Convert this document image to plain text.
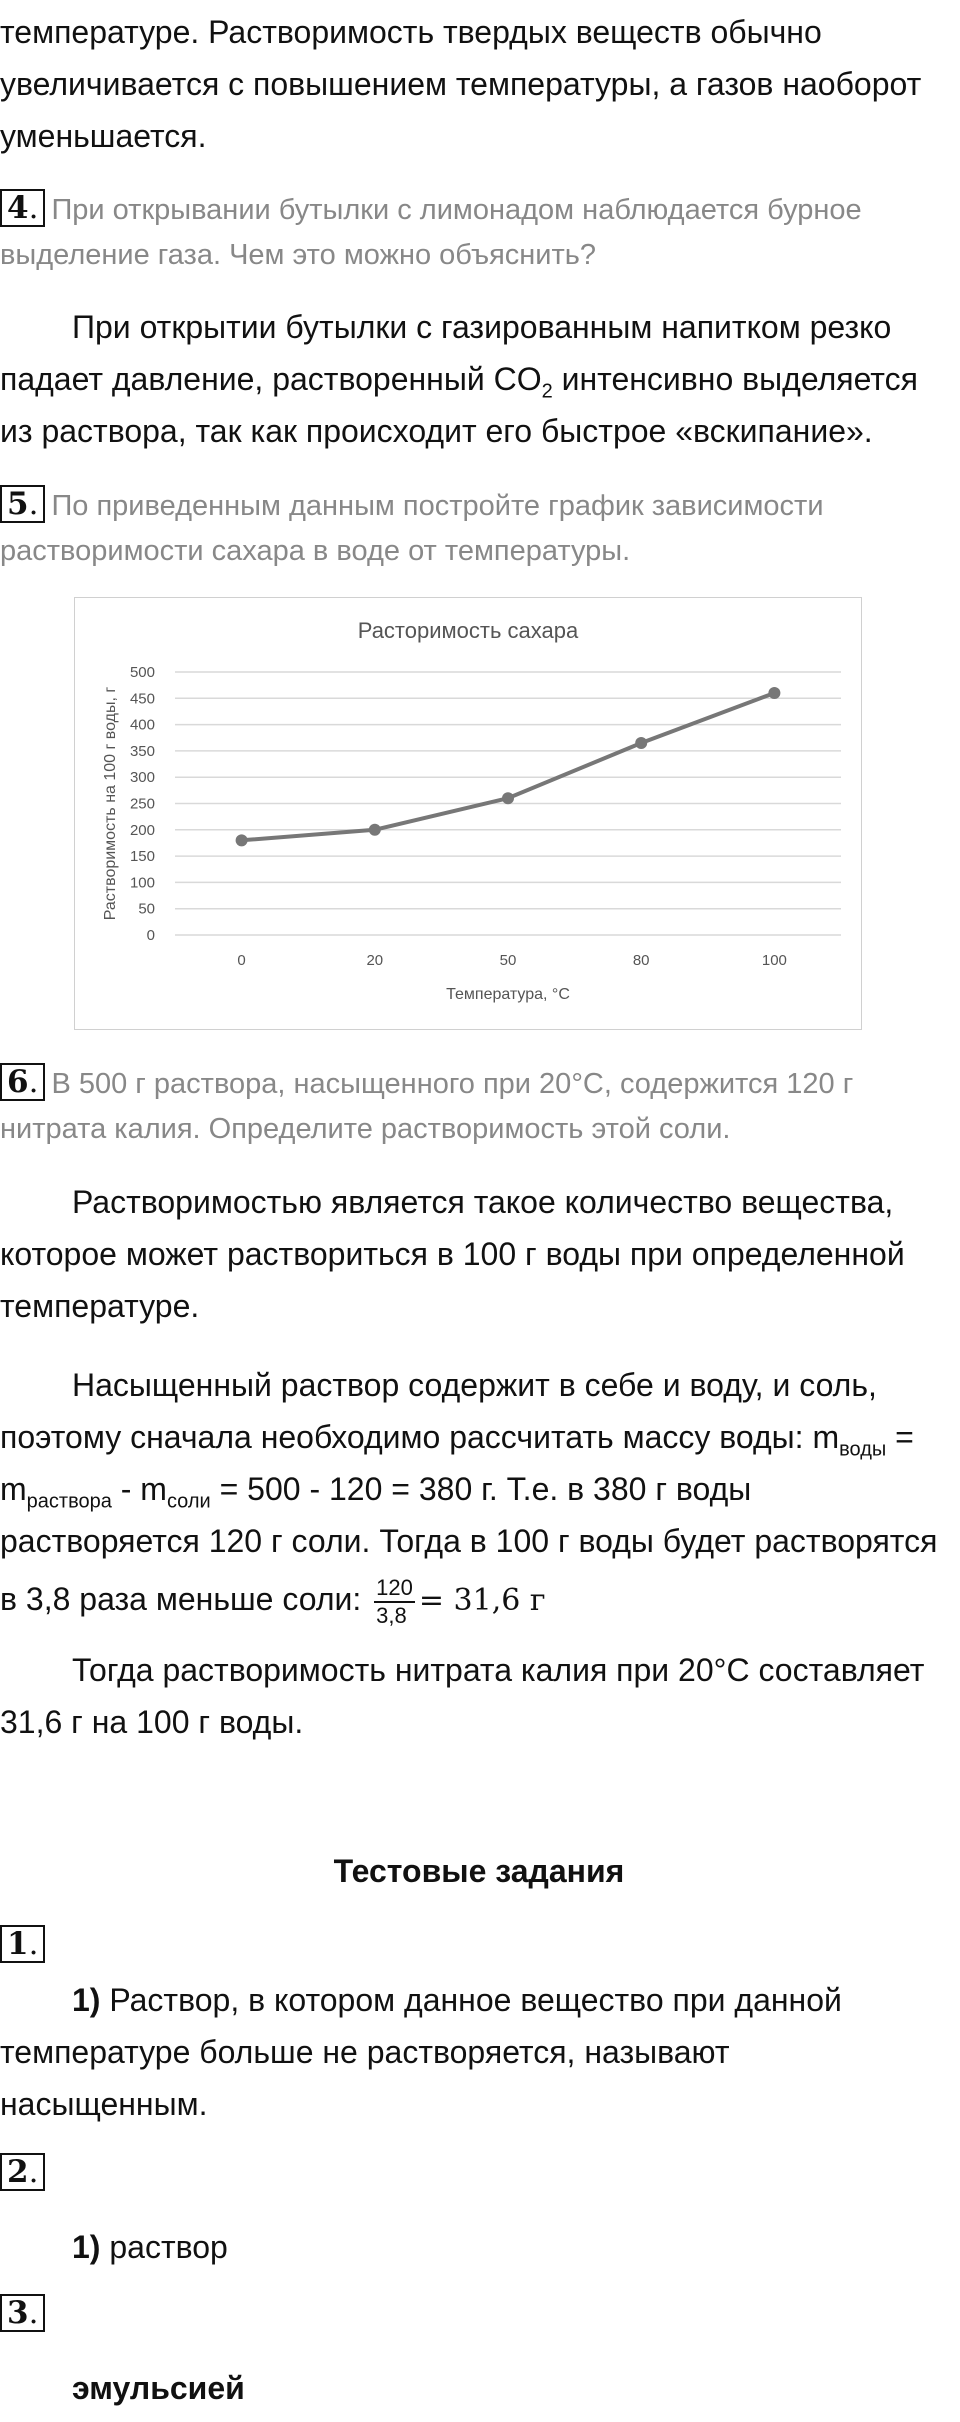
температуре. Растворимость твердых веществ обычно
увеличивается с повышением температуры, а газов наоборот
уменьшается.
4. При открывании бутылки с лимонадом наблюдается бурное
выделение газа. Чем это можно объяснить?
При открытии бутылки с газированным напитком резко
падает давление, растворенный $CO_2$ интенсивно выделяется
из раствора, так как происходит его быстрое «вскипание».
5. По приведенным данным постройте график зависимости
растворимости сахара в воде от температуры.
Расторимость сахара
0
50
100
150
200
250
300
350
400
450
500
0	20	50	80	100
Температура, °С
Растворимость на 100 г воды, г
6. В 500 г раствора, насыщенного при 20°С, содержится 120 г
нитрата калия. Определите растворимость этой соли.
Растворимостью является такое количество вещества,
которое может раствориться в 100 г воды при определенной
температуре.
Насыщенный раствор содержит в себе и воду, и соль,
поэтому сначала необходимо рассчитать массу воды: $m_{воды}$ =
$m_{раствора} - m_{соли} = 500 - 120 = 380$ г. Т.е. в 380 г воды
растворяется 120 г соли. Тогда в 100 г воды будет растворятся
в 3,8 раза меньше соли: $\frac{120}{3,8} = 31,6$ г
Тогда растворимость нитрата калия при 20°С составляет
31,6 г на 100 г воды.
Тестовые задания
1.
1) Раствор, в котором данное вещество при данной
температуре больше не растворяется, называют
насыщенным.
2.
1) раствор
3.
эмульсией
